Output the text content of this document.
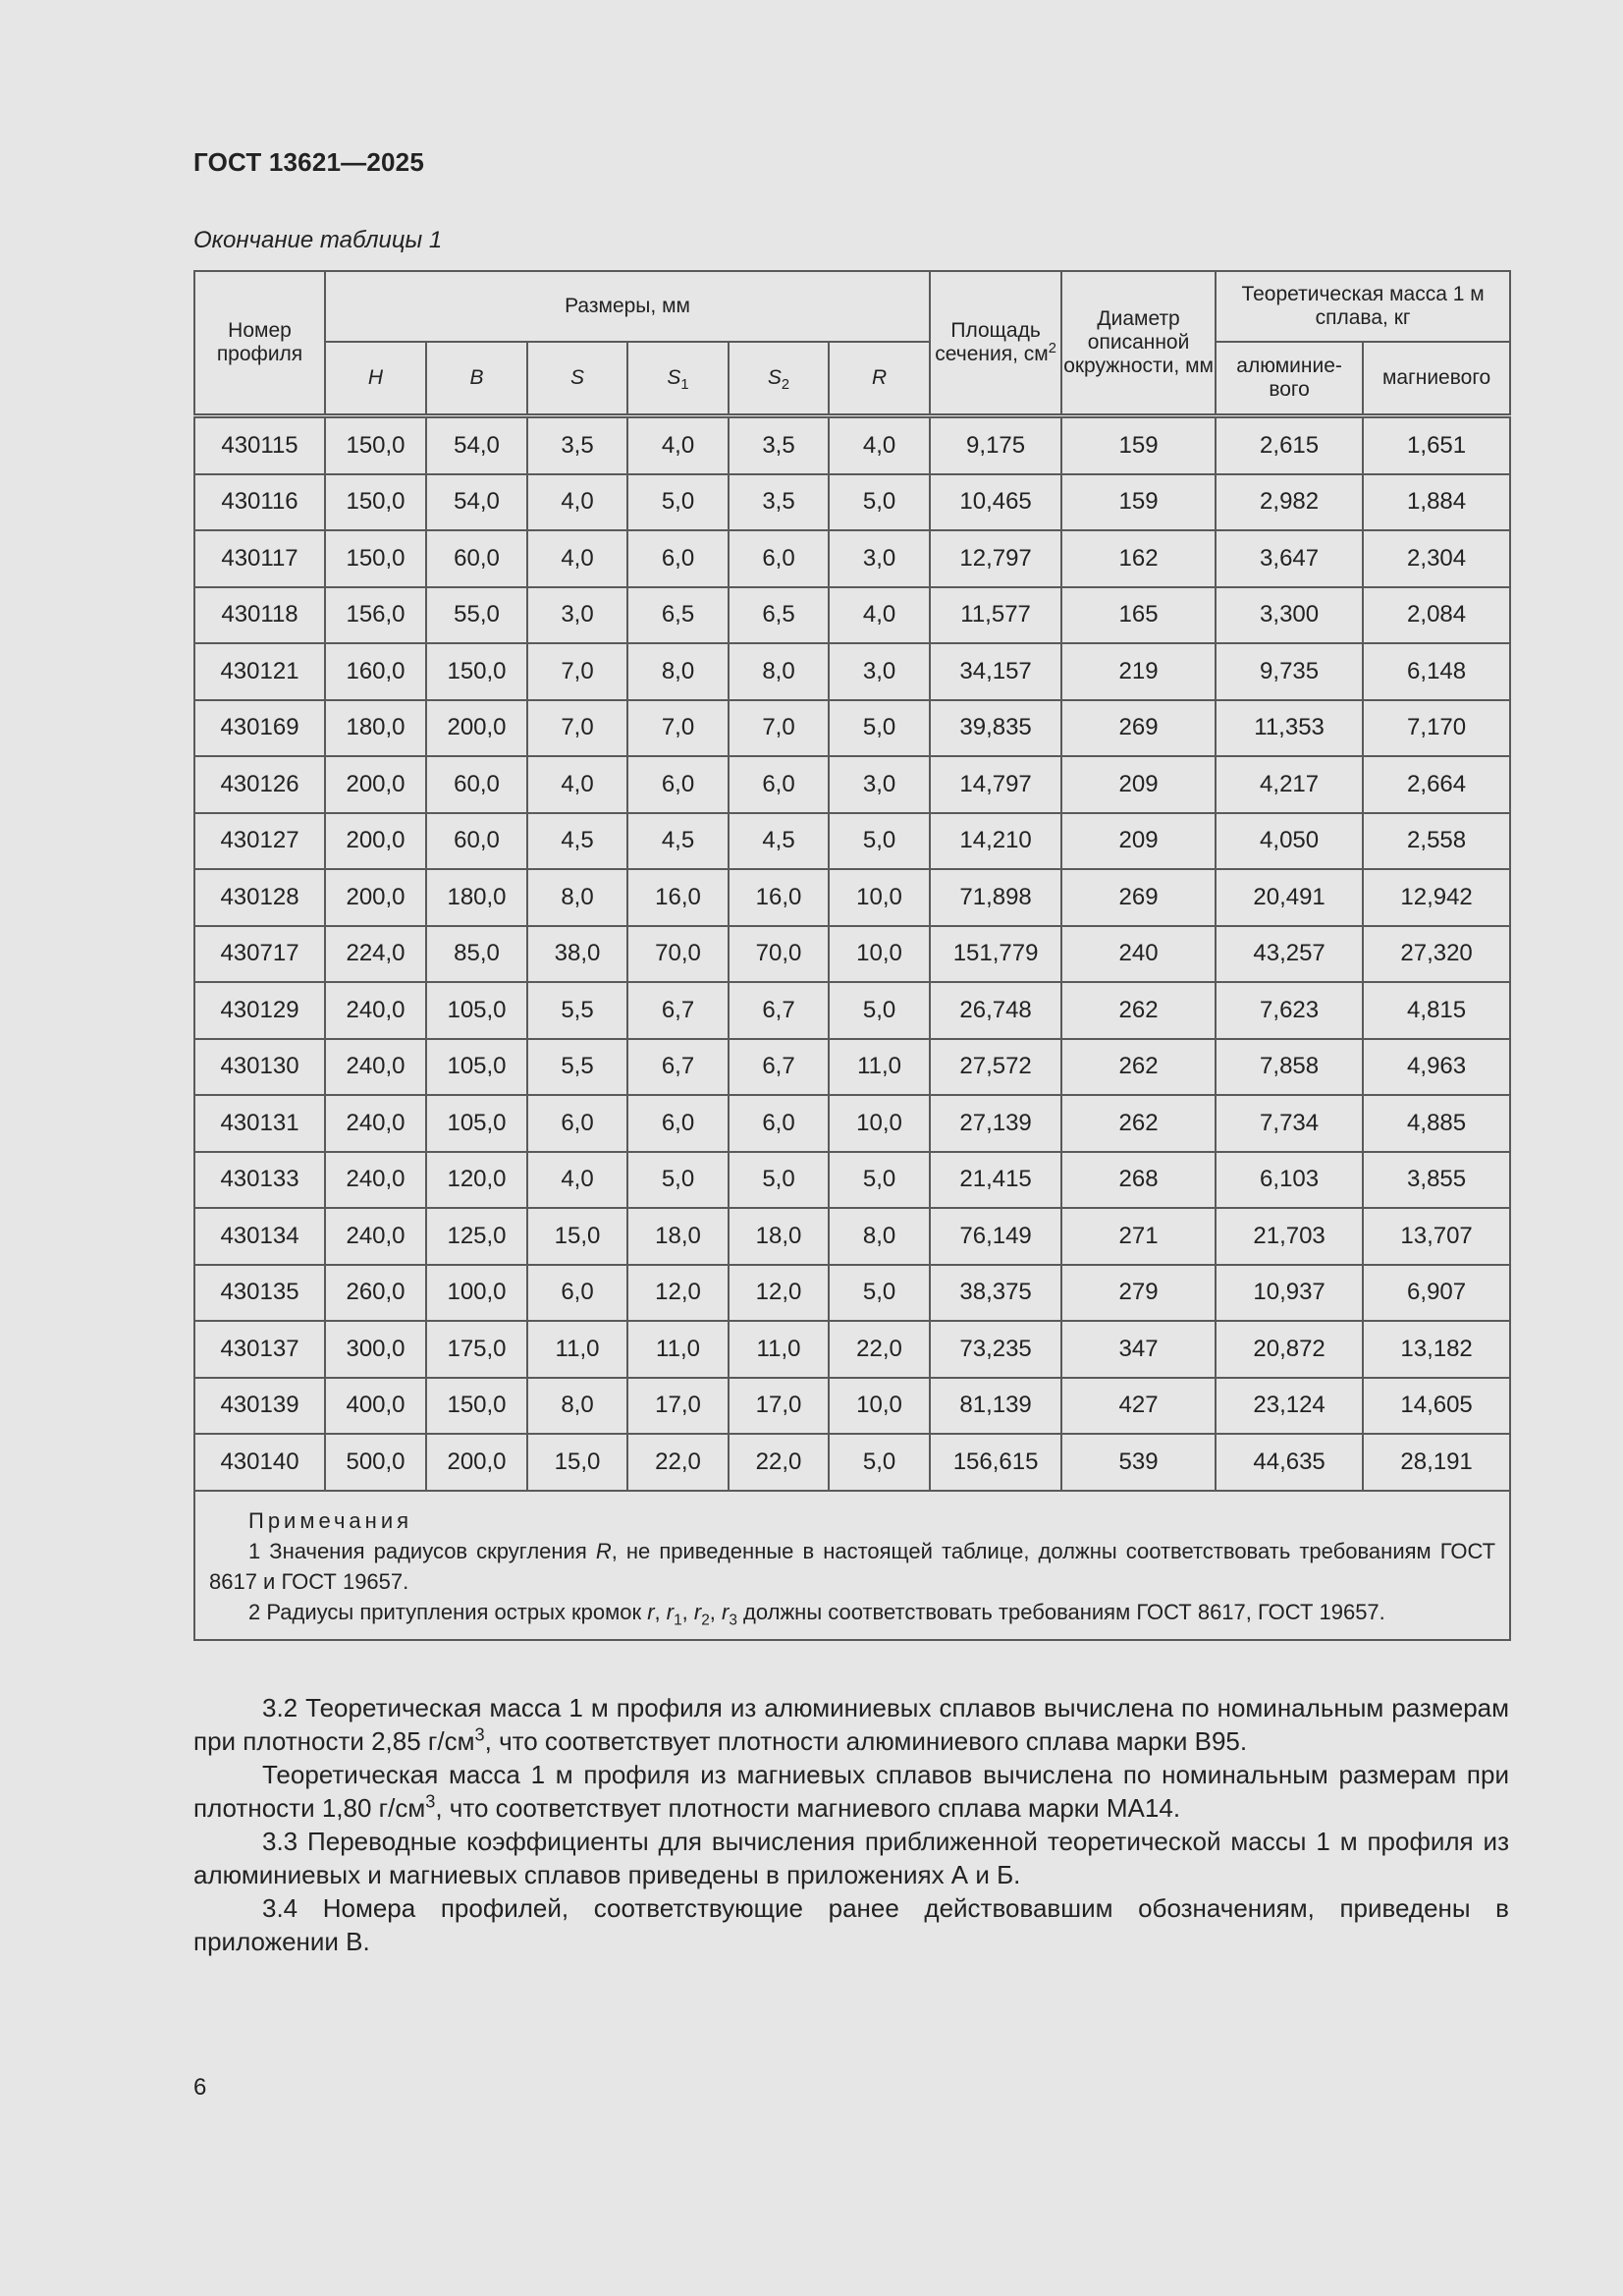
ГОСТ 13621—2025
Окончание таблицы 1
Номер профиля	Размеры, мм						Площадь сечения, $см^2$	Диаметр описанной окружности, мм	Теоретическая масса 1 м сплава, кг	
	H	B	S	$S_1$	$S_2$	R			алюминие-вого	магниевого
430115	150,0	54,0	3,5	4,0	3,5	4,0	9,175	159	2,615	1,651
430116	150,0	54,0	4,0	5,0	3,5	5,0	10,465	159	2,982	1,884
430117	150,0	60,0	4,0	6,0	6,0	3,0	12,797	162	3,647	2,304
430118	156,0	55,0	3,0	6,5	6,5	4,0	11,577	165	3,300	2,084
430121	160,0	150,0	7,0	8,0	8,0	3,0	34,157	219	9,735	6,148
430169	180,0	200,0	7,0	7,0	7,0	5,0	39,835	269	11,353	7,170
430126	200,0	60,0	4,0	6,0	6,0	3,0	14,797	209	4,217	2,664
430127	200,0	60,0	4,5	4,5	4,5	5,0	14,210	209	4,050	2,558
430128	200,0	180,0	8,0	16,0	16,0	10,0	71,898	269	20,491	12,942
430717	224,0	85,0	38,0	70,0	70,0	10,0	151,779	240	43,257	27,320
430129	240,0	105,0	5,5	6,7	6,7	5,0	26,748	262	7,623	4,815
430130	240,0	105,0	5,5	6,7	6,7	11,0	27,572	262	7,858	4,963
430131	240,0	105,0	6,0	6,0	6,0	10,0	27,139	262	7,734	4,885
430133	240,0	120,0	4,0	5,0	5,0	5,0	21,415	268	6,103	3,855
430134	240,0	125,0	15,0	18,0	18,0	8,0	76,149	271	21,703	13,707
430135	260,0	100,0	6,0	12,0	12,0	5,0	38,375	279	10,937	6,907
430137	300,0	175,0	11,0	11,0	11,0	22,0	73,235	347	20,872	13,182
430139	400,0	150,0	8,0	17,0	17,0	10,0	81,139	427	23,124	14,605
430140	500,0	200,0	15,0	22,0	22,0	5,0	156,615	539	44,635	28,191

Примечания
1 Значения радиусов скругления R, не приведенные в настоящей таблице, должны соответствовать требованиям ГОСТ 8617 и ГОСТ 19657.
2 Радиусы притупления острых кромок r, $r_1$, $r_2$, $r_3$ должны соответствовать требованиям ГОСТ 8617, ГОСТ 19657.										

3.2 Теоретическая масса 1 м профиля из алюминиевых сплавов вычислена по номинальным размерам при плотности 2,85 $г/см^3$, что соответствует плотности алюминиевого сплава марки В95.

Теоретическая масса 1 м профиля из магниевых сплавов вычислена по номинальным размерам при плотности 1,80 $г/см^3$, что соответствует плотности магниевого сплава марки МА14.

3.3 Переводные коэффициенты для вычисления приближенной теоретической массы 1 м профиля из алюминиевых и магниевых сплавов приведены в приложениях А и Б.

3.4 Номера профилей, соответствующие ранее действовавшим обозначениям, приведены в приложении В.

6
